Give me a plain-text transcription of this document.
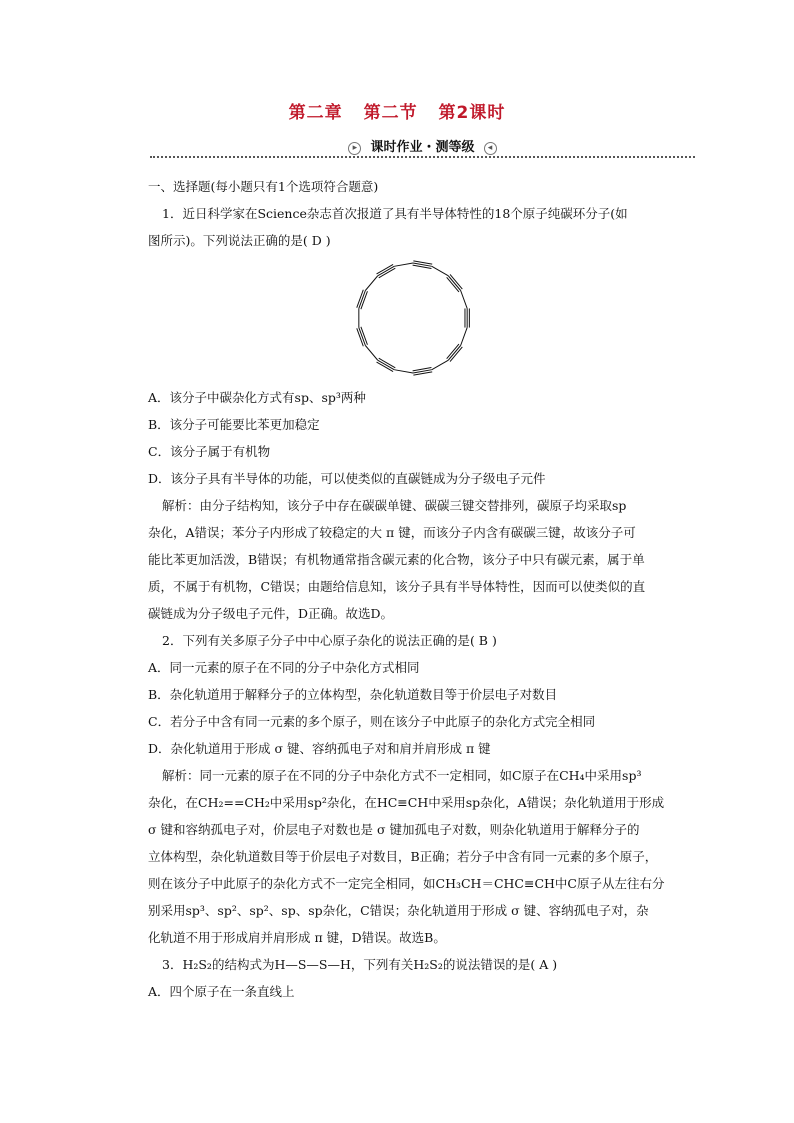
第二章 第二节 第2课时
▸ 课时作业・测等级 ◂

一、选择题(每小题只有1个选项符合题意)

1．近日科学家在Science杂志首次报道了具有半导体特性的18个原子纯碳环分子(如

图所示)。下列说法正确的是( D )

A．该分子中碳杂化方式有sp、sp³两种

B．该分子可能要比苯更加稳定

C．该分子属于有机物

D．该分子具有半导体的功能，可以使类似的直碳链成为分子级电子元件

解析：由分子结构知，该分子中存在碳碳单键、碳碳三键交替排列，碳原子均采取sp

杂化，A错误；苯分子内形成了较稳定的大 π 键，而该分子内含有碳碳三键，故该分子可

能比苯更加活泼，B错误；有机物通常指含碳元素的化合物，该分子中只有碳元素，属于单

质，不属于有机物，C错误；由题给信息知，该分子具有半导体特性，因而可以使类似的直

碳链成为分子级电子元件，D正确。故选D。

2．下列有关多原子分子中中心原子杂化的说法正确的是( B )

A．同一元素的原子在不同的分子中杂化方式相同

B．杂化轨道用于解释分子的立体构型，杂化轨道数目等于价层电子对数目

C．若分子中含有同一元素的多个原子，则在该分子中此原子的杂化方式完全相同

D．杂化轨道用于形成 σ 键、容纳孤电子对和肩并肩形成 π 键

解析：同一元素的原子在不同的分子中杂化方式不一定相同，如C原子在CH₄中采用sp³

杂化，在CH₂==CH₂中采用sp²杂化，在HC≡CH中采用sp杂化，A错误；杂化轨道用于形成

σ 键和容纳孤电子对，价层电子对数也是 σ 键加孤电子对数，则杂化轨道用于解释分子的

立体构型，杂化轨道数目等于价层电子对数目，B正确；若分子中含有同一元素的多个原子，

则在该分子中此原子的杂化方式不一定完全相同，如CH₃CH＝CHC≡CH中C原子从左往右分

别采用sp³、sp²、sp²、sp、sp杂化，C错误；杂化轨道用于形成 σ 键、容纳孤电子对，杂

化轨道不用于形成肩并肩形成 π 键，D错误。故选B。

3．H₂S₂的结构式为H—S—S—H，下列有关H₂S₂的说法错误的是( A )

A．四个原子在一条直线上
